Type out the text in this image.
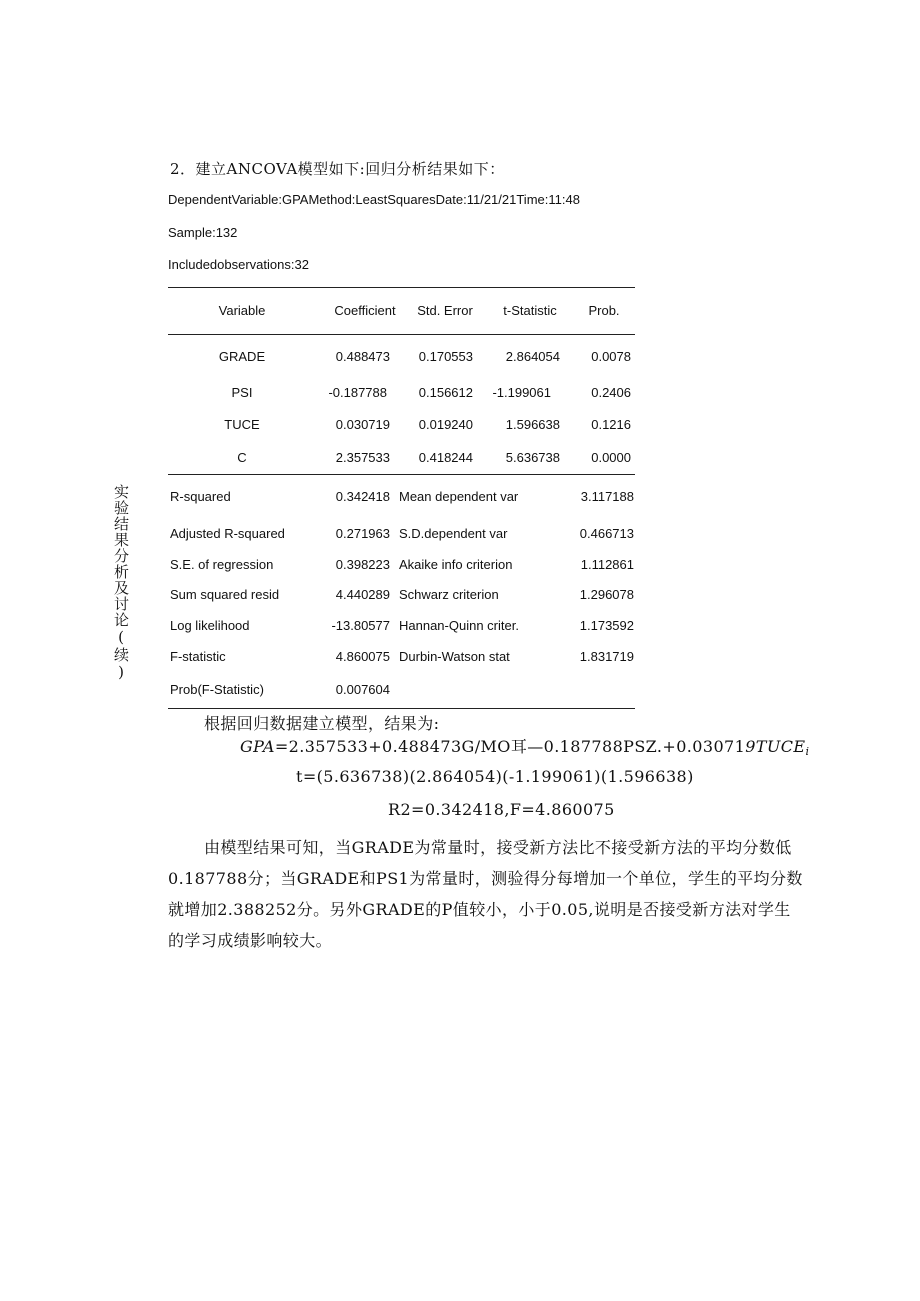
2．建立ANCOVA模型如下:回归分析结果如下：
DependentVariable:GPAMethod:LeastSquaresDate:11/21/21Time:11:48
Sample:132
Includedobservations:32
实验结果分析及讨论(续)
Variable	Coefficient Std. Error t-Statistic Prob.
GRADE	0.488473 0.170553	2.864054 0.0078
PSI	-0.187788 0.156612 -1.199061	0.2406
TUCE	0.030719 0.019240	1.596638 0.1216
C	2.357533 0.418244	5.636738 0.0000
R-squared	0.342418 Mean dependent var	3.117188
Adjusted R-squared	0.271963 S.D.dependent var	0.466713
S.E. of regression	0.398223 Akaike info criterion	1.112861
Sum squared resid	4.440289 Schwarz criterion	1.296078
Log likelihood	-13.80577 Hannan-Quinn criter.	1.173592
F-statistic	4.860075 Durbin-Watson stat	1.831719
Prob(F-Statistic)	0.007604
根据回归数据建立模型，结果为:
GPA=2.357533+0.488473G/MO耳$—0.187788PSZ.+0.030719TUCE_i$
t=(5.636738)(2.864054)(-1.199061)(1.596638)
R2=0.342418,F=4.860075
由模型结果可知，当GRADE为常量时，接受新方法比不接受新方法的平均分数低
0.187788分；当GRADE和PS1为常量时，测验得分每增加一个单位，学生的平均分数
就增加2.388252分。另外GRADE的P值较小，小于0.05,说明是否接受新方法对学生
的学习成绩影响较大。
